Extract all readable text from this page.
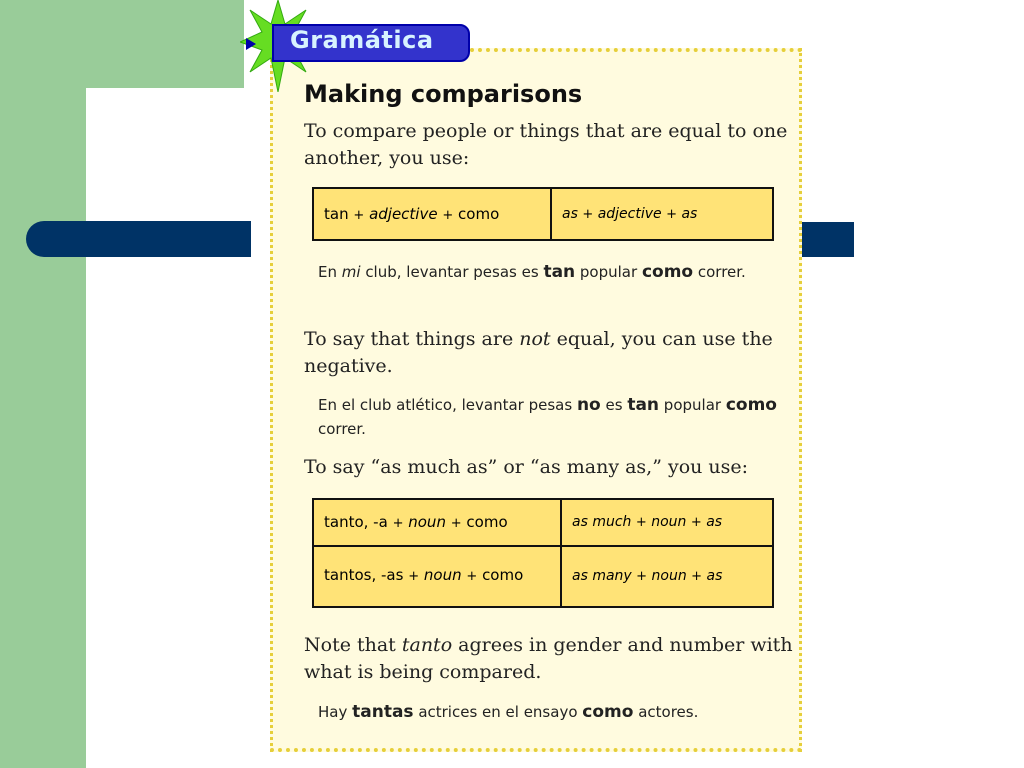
Gramática
Making comparisons
To compare people or things that are equal to one another, you use:
tan + adjective + como	as + adjective + as
En mi club, levantar pesas es tan popular como correr.
To say that things are not equal, you can use the negative.
En el club atlético, levantar pesas no es tan popular como correr.
To say “as much as” or “as many as,” you use:
tanto, -a + noun + como	as much + noun + as
tantos, -as + noun + como	as many + noun + as
Note that tanto agrees in gender and number with what is being compared.
Hay tantas actrices en el ensayo como actores.
